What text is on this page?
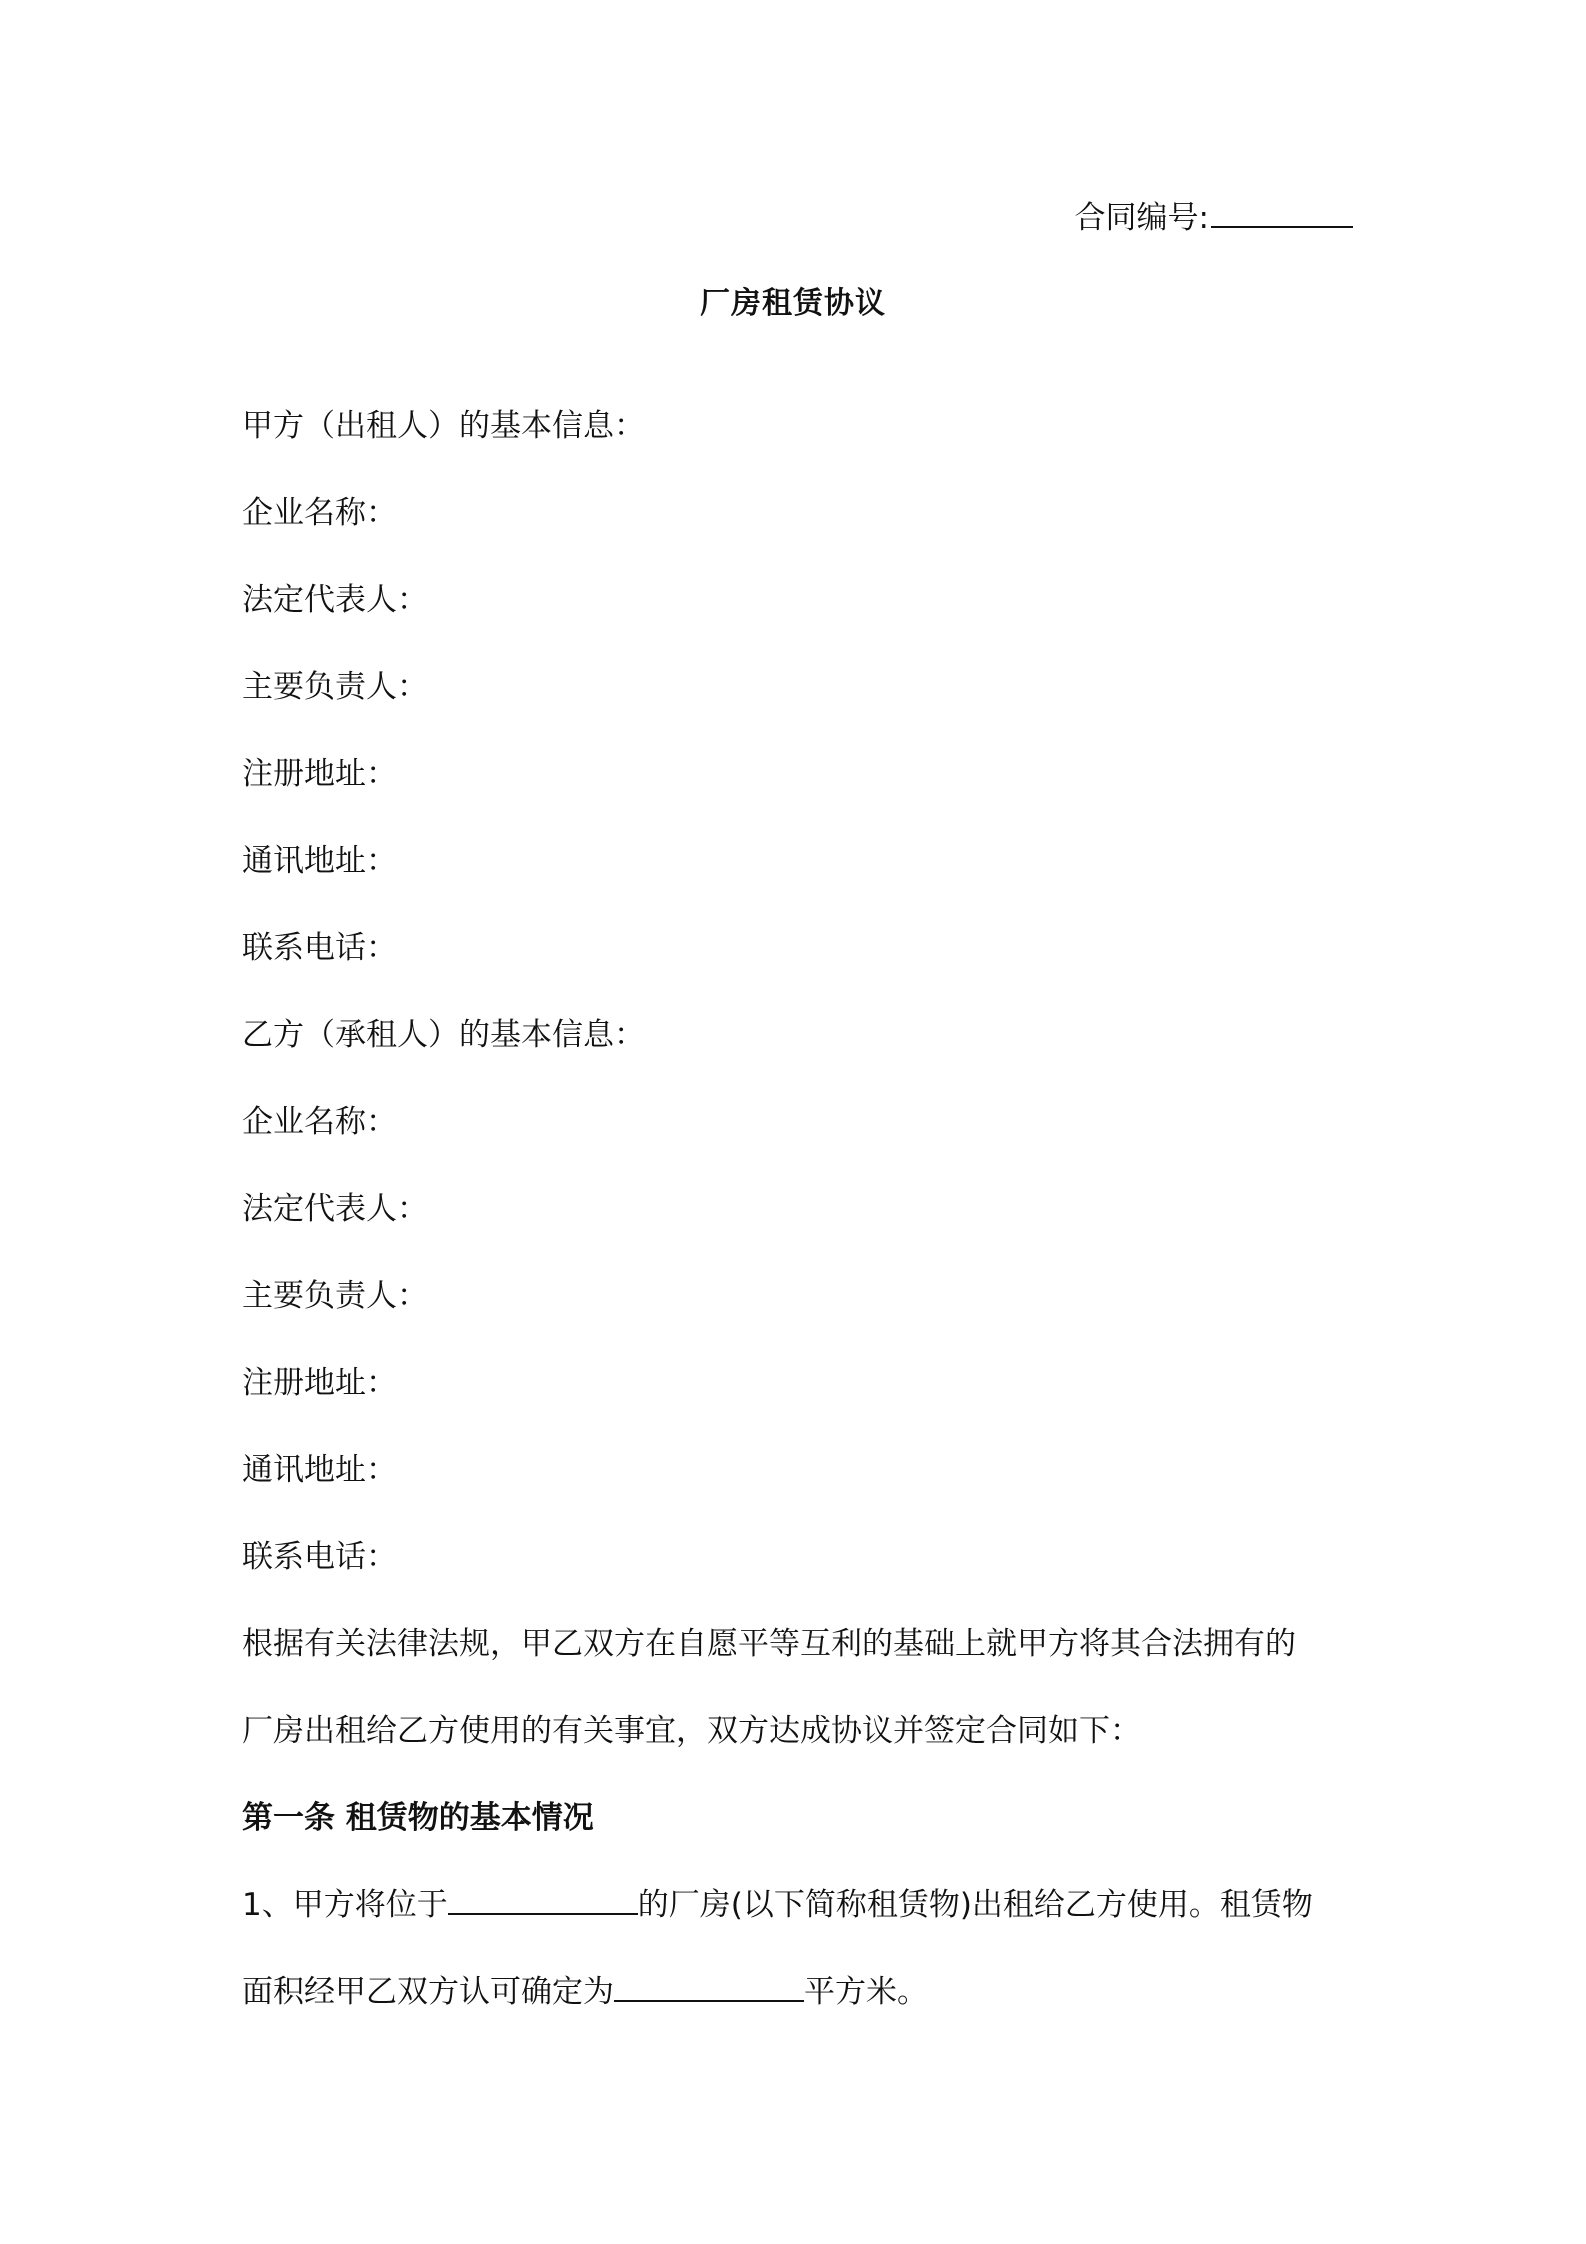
合同编号:
厂房租赁协议
甲方（出租人）的基本信息：
企业名称：
法定代表人：
主要负责人：
注册地址：
通讯地址：
联系电话：
乙方（承租人）的基本信息：
企业名称：
法定代表人：
主要负责人：
注册地址：
通讯地址：
联系电话：
根据有关法律法规，甲乙双方在自愿平等互利的基础上就甲方将其合法拥有的
厂房出租给乙方使用的有关事宜，双方达成协议并签定合同如下：
第一条 租赁物的基本情况
1、甲方将位于	的厂房(以下简称租赁物)出租给乙方使用。租赁物
面积经甲乙双方认可确定为	平方米。
